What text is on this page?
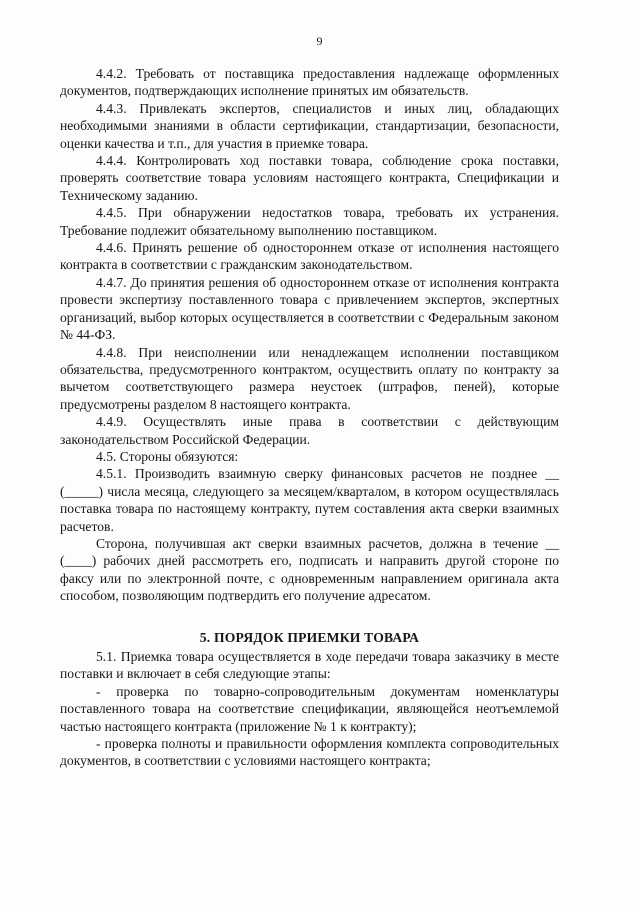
9

4.4.2. Требовать от поставщика предоставления надлежаще оформленных документов, подтверждающих исполнение принятых им обязательств.

4.4.3. Привлекать экспертов, специалистов и иных лиц, обладающих необходимыми знаниями в области сертификации, стандартизации, безопасности, оценки качества и т.п., для участия в приемке товара.

4.4.4. Контролировать ход поставки товара, соблюдение срока поставки, проверять соответствие товара условиям настоящего контракта, Спецификации и Техническому заданию.

4.4.5. При обнаружении недостатков товара, требовать их устранения. Требование подлежит обязательному выполнению поставщиком.

4.4.6. Принять решение об одностороннем отказе от исполнения настоящего контракта в соответствии с гражданским законодательством.

4.4.7. До принятия решения об одностороннем отказе от исполнения контракта провести экспертизу поставленного товара с привлечением экспертов, экспертных организаций, выбор которых осуществляется в соответствии с Федеральным законом № 44-ФЗ.

4.4.8. При неисполнении или ненадлежащем исполнении поставщиком обязательства, предусмотренного контрактом, осуществить оплату по контракту за вычетом соответствующего размера неустоек (штрафов, пеней), которые предусмотрены разделом 8 настоящего контракта.

4.4.9. Осуществлять иные права в соответствии с действующим законодательством Российской Федерации.

4.5. Стороны обязуются:

4.5.1. Производить взаимную сверку финансовых расчетов не позднее __ (_____) числа месяца, следующего за месяцем/кварталом, в котором осуществлялась поставка товара по настоящему контракту, путем составления акта сверки взаимных расчетов.

Сторона, получившая акт сверки взаимных расчетов, должна в течение __ (____) рабочих дней рассмотреть его, подписать и направить другой стороне по факсу или по электронной почте, с одновременным направлением оригинала акта способом, позволяющим подтвердить его получение адресатом.

5. ПОРЯДОК ПРИЕМКИ ТОВАРА

5.1. Приемка товара осуществляется в ходе передачи товара заказчику в месте поставки и включает в себя следующие этапы:

- проверка по товарно-сопроводительным документам номенклатуры поставленного товара на соответствие спецификации, являющейся неотъемлемой частью настоящего контракта (приложение № 1 к контракту);

- проверка полноты и правильности оформления комплекта сопроводительных документов, в соответствии с условиями настоящего контракта;
